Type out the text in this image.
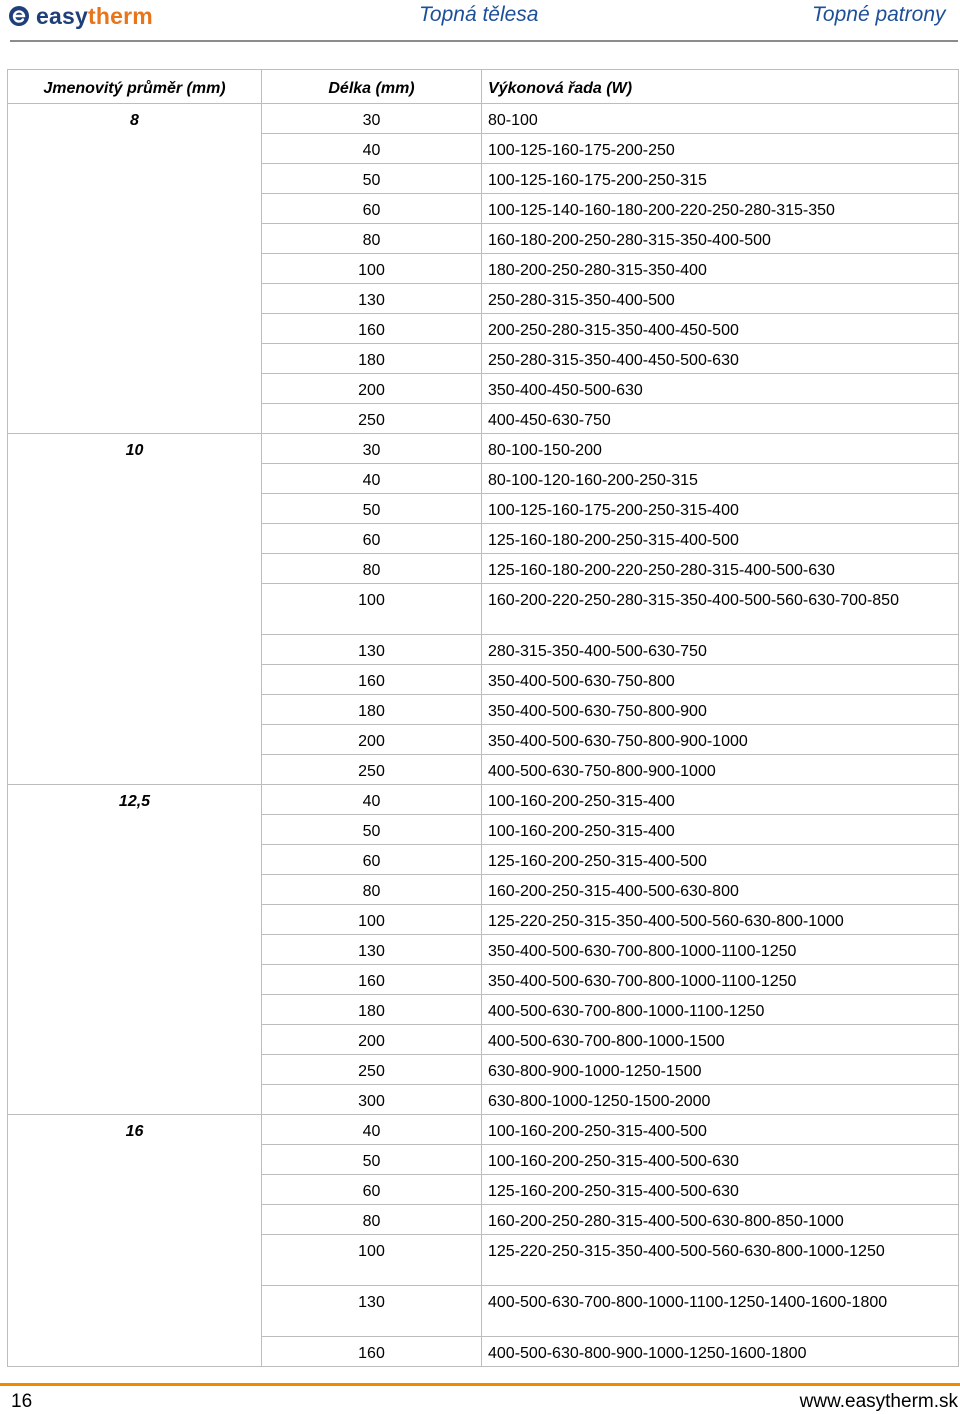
easytherm	Topná tělesa	Topné patrony
Jmenovitý průměr (mm)	Délka (mm)	Výkonová řada (W)
8	30	80-100
	40	100-125-160-175-200-250
	50	100-125-160-175-200-250-315
	60	100-125-140-160-180-200-220-250-280-315-350
	80	160-180-200-250-280-315-350-400-500
	100	180-200-250-280-315-350-400
	130	250-280-315-350-400-500
	160	200-250-280-315-350-400-450-500
	180	250-280-315-350-400-450-500-630
	200	350-400-450-500-630
	250	400-450-630-750
10	30	80-100-150-200
	40	80-100-120-160-200-250-315
	50	100-125-160-175-200-250-315-400
	60	125-160-180-200-250-315-400-500
	80	125-160-180-200-220-250-280-315-400-500-630
	100	160-200-220-250-280-315-350-400-500-560-630-700-850
	130	280-315-350-400-500-630-750
	160	350-400-500-630-750-800
	180	350-400-500-630-750-800-900
	200	350-400-500-630-750-800-900-1000
	250	400-500-630-750-800-900-1000
12,5	40	100-160-200-250-315-400
	50	100-160-200-250-315-400
	60	125-160-200-250-315-400-500
	80	160-200-250-315-400-500-630-800
	100	125-220-250-315-350-400-500-560-630-800-1000
	130	350-400-500-630-700-800-1000-1100-1250
	160	350-400-500-630-700-800-1000-1100-1250
	180	400-500-630-700-800-1000-1100-1250
	200	400-500-630-700-800-1000-1500
	250	630-800-900-1000-1250-1500
	300	630-800-1000-1250-1500-2000
16	40	100-160-200-250-315-400-500
	50	100-160-200-250-315-400-500-630
	60	125-160-200-250-315-400-500-630
	80	160-200-250-280-315-400-500-630-800-850-1000
	100	125-220-250-315-350-400-500-560-630-800-1000-1250
	130	400-500-630-700-800-1000-1100-1250-1400-1600-1800
	160	400-500-630-800-900-1000-1250-1600-1800
16	www.easytherm.sk
